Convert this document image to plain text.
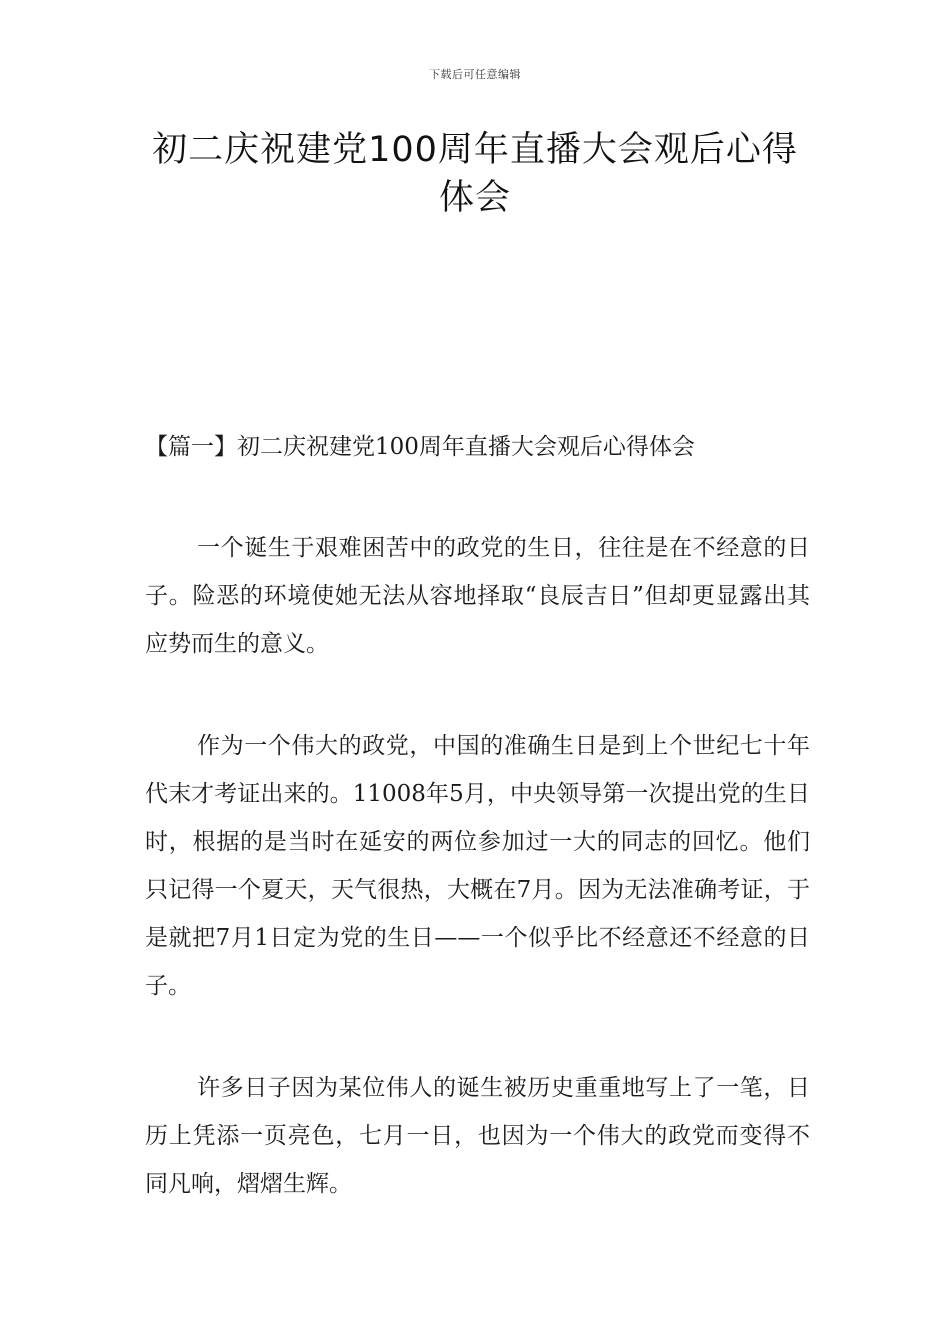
下载后可任意编辑
初二庆祝建党100周年直播大会观后心得体会
【篇一】初二庆祝建党100周年直播大会观后心得体会

一个诞生于艰难困苦中的政党的生日，往往是在不经意的日子。险恶的环境使她无法从容地择取“良辰吉日”但却更显露出其应势而生的意义。

作为一个伟大的政党，中国的准确生日是到上个世纪七十年代末才考证出来的。11008年5月，中央领导第一次提出党的生日时，根据的是当时在延安的两位参加过一大的同志的回忆。他们只记得一个夏天，天气很热，大概在7月。因为无法准确考证，于是就把7月1日定为党的生日——一个似乎比不经意还不经意的日子。

许多日子因为某位伟人的诞生被历史重重地写上了一笔，日历上凭添一页亮色，七月一日，也因为一个伟大的政党而变得不同凡响，熠熠生辉。
